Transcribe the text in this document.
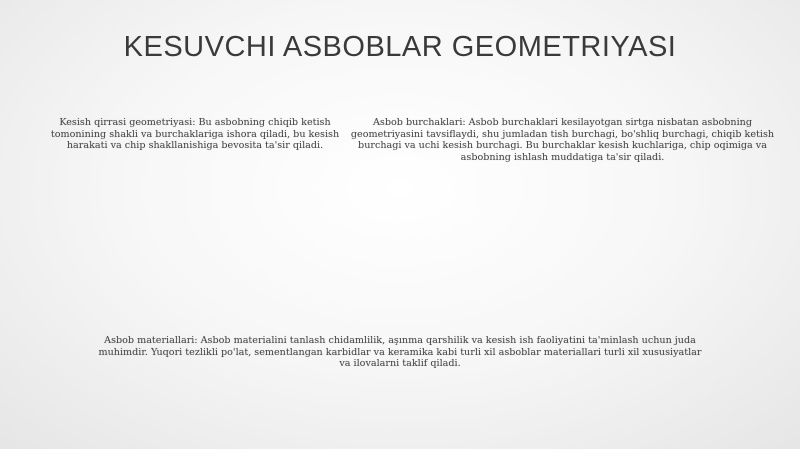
KESUVCHI ASBOBLAR GEOMETRIYASI
Kesish qirrasi geometriyasi: Bu asbobning chiqib ketish tomonining shakli va burchaklariga ishora qiladi, bu kesish harakati va chip shakllanishiga bevosita ta'sir qiladi.
Asbob burchaklari: Asbob burchaklari kesilayotgan sirtga nisbatan asbobning geometriyasini tavsiflaydi, shu jumladan tish burchagi, bo'shliq burchagi, chiqib ketish burchagi va uchi kesish burchagi. Bu burchaklar kesish kuchlariga, chip oqimiga va asbobning ishlash muddatiga ta'sir qiladi.
Asbob materiallari: Asbob materialini tanlash chidamlilik, aşınma qarshilik va kesish ish faoliyatini ta'minlash uchun juda muhimdir. Yuqori tezlikli po'lat, sementlangan karbidlar va keramika kabi turli xil asboblar materiallari turli xil xususiyatlar va ilovalarni taklif qiladi.
